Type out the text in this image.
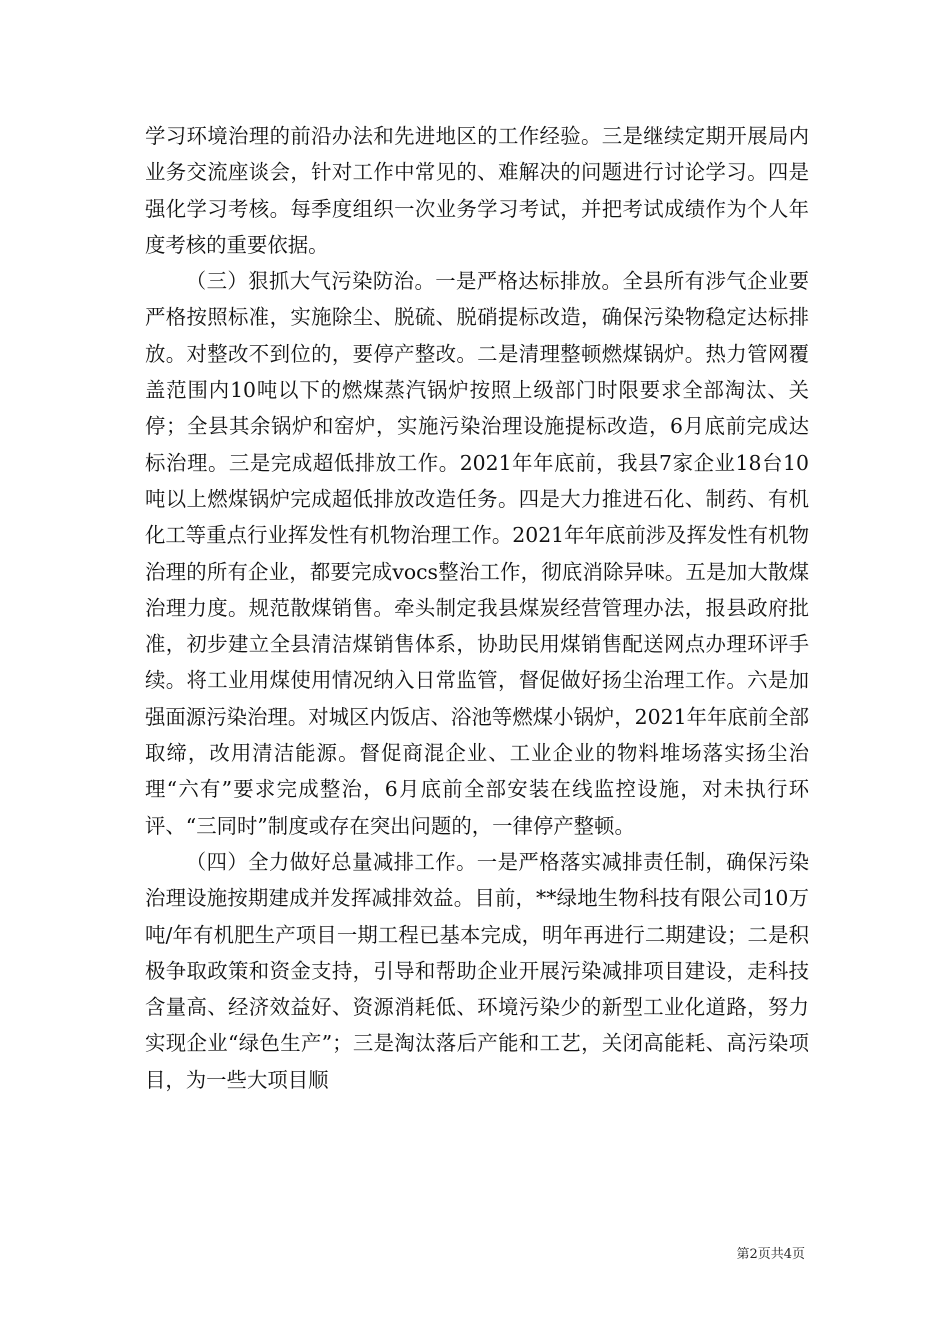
学习环境治理的前沿办法和先进地区的工作经验。三是继续定期开展局内业务交流座谈会，针对工作中常见的、难解决的问题进行讨论学习。四是强化学习考核。每季度组织一次业务学习考试，并把考试成绩作为个人年度考核的重要依据。

（三）狠抓大气污染防治。一是严格达标排放。全县所有涉气企业要严格按照标准，实施除尘、脱硫、脱硝提标改造，确保污染物稳定达标排放。对整改不到位的，要停产整改。二是清理整顿燃煤锅炉。热力管网覆盖范围内10吨以下的燃煤蒸汽锅炉按照上级部门时限要求全部淘汰、关停；全县其余锅炉和窑炉，实施污染治理设施提标改造，6月底前完成达标治理。三是完成超低排放工作。2021年年底前，我县7家企业18台10吨以上燃煤锅炉完成超低排放改造任务。四是大力推进石化、制药、有机化工等重点行业挥发性有机物治理工作。2021年年底前涉及挥发性有机物治理的所有企业，都要完成vocs整治工作，彻底消除异味。五是加大散煤治理力度。规范散煤销售。牵头制定我县煤炭经营管理办法，报县政府批准，初步建立全县清洁煤销售体系，协助民用煤销售配送网点办理环评手续。将工业用煤使用情况纳入日常监管，督促做好扬尘治理工作。六是加强面源污染治理。对城区内饭店、浴池等燃煤小锅炉，2021年年底前全部取缔，改用清洁能源。督促商混企业、工业企业的物料堆场落实扬尘治理“六有”要求完成整治，6月底前全部安装在线监控设施，对未执行环评、“三同时”制度或存在突出问题的，一律停产整顿。

（四）全力做好总量减排工作。一是严格落实减排责任制，确保污染治理设施按期建成并发挥减排效益。目前，**绿地生物科技有限公司10万吨/年有机肥生产项目一期工程已基本完成，明年再进行二期建设；二是积极争取政策和资金支持，引导和帮助企业开展污染减排项目建设，走科技含量高、经济效益好、资源消耗低、环境污染少的新型工业化道路，努力实现企业“绿色生产”；三是淘汰落后产能和工艺，关闭高能耗、高污染项目，为一些大项目顺

第2页共4页
